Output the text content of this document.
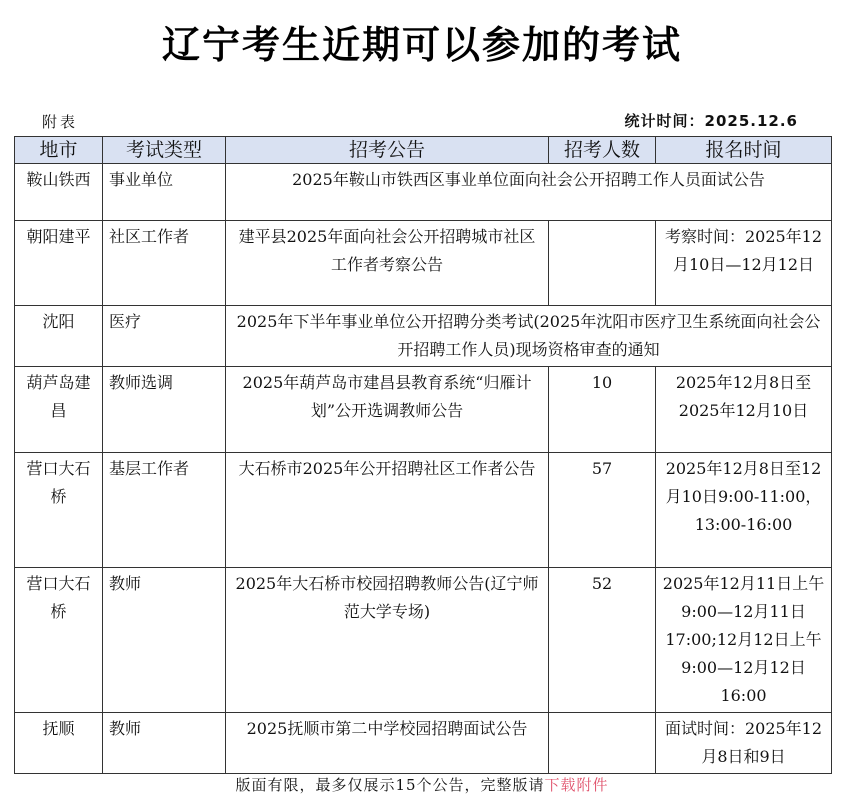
辽宁考生近期可以参加的考试
附表	统计时间：2025.12.6
地市	考试类型	招考公告	招考人数	报名时间
鞍山铁西	事业单位	2025年鞍山市铁西区事业单位面向社会公开招聘工作人员面试公告		
朝阳建平	社区工作者	建平县2025年面向社会公开招聘城市社区工作者考察公告		考察时间：2025年12月10日—12月12日
沈阳	医疗	2025年下半年事业单位公开招聘分类考试(2025年沈阳市医疗卫生系统面向社会公开招聘工作人员)现场资格审查的通知		
葫芦岛建昌	教师选调	2025年葫芦岛市建昌县教育系统“归雁计划”公开选调教师公告	10	2025年12月8日至2025年12月10日
营口大石桥	基层工作者	大石桥市2025年公开招聘社区工作者公告	57	2025年12月8日至12月10日9:00-11:00，13:00-16:00
营口大石桥	教师	2025年大石桥市校园招聘教师公告(辽宁师范大学专场)	52	2025年12月11日上午9:00—12月11日17:00;12月12日上午9:00—12月12日16:00
抚顺	教师	2025抚顺市第二中学校园招聘面试公告		面试时间：2025年12月8日和9日
版面有限，最多仅展示15个公告，完整版请下载附件
